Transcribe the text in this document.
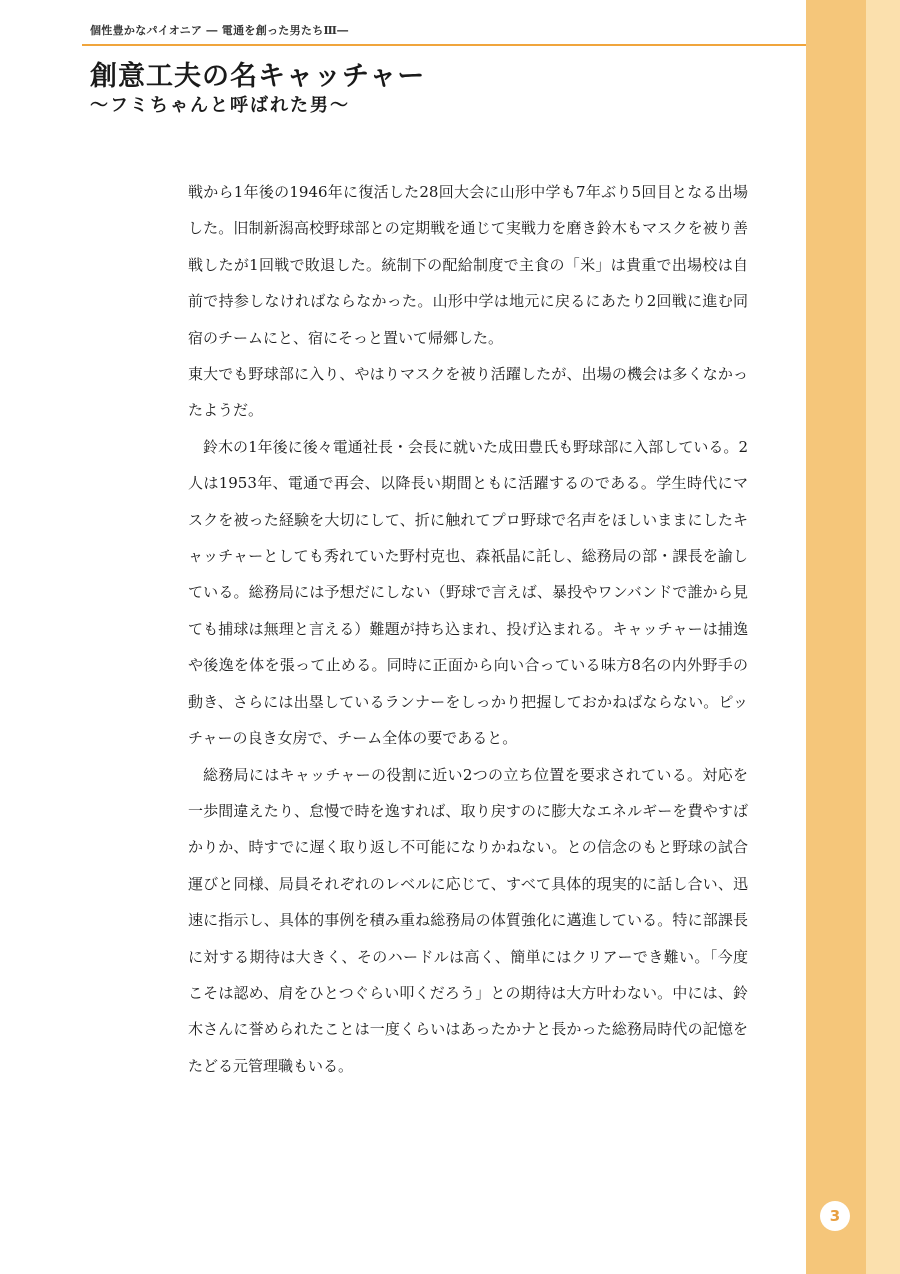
個性豊かなパイオニア ― 電通を創った男たちⅢ―
創意工夫の名キャッチャー
〜フミちゃんと呼ばれた男〜

戦から1年後の1946年に復活した28回大会に山形中学も7年ぶり5回目となる出場した。旧制新潟高校野球部との定期戦を通じて実戦力を磨き鈴木もマスクを被り善戦したが1回戦で敗退した。統制下の配給制度で主食の「米」は貴重で出場校は自前で持参しなければならなかった。山形中学は地元に戻るにあたり2回戦に進む同宿のチームにと、宿にそっと置いて帰郷した。

東大でも野球部に入り、やはりマスクを被り活躍したが、出場の機会は多くなかったようだ。

鈴木の1年後に後々電通社長・会長に就いた成田豊氏も野球部に入部している。2人は1953年、電通で再会、以降長い期間ともに活躍するのである。学生時代にマスクを被った経験を大切にして、折に触れてプロ野球で名声をほしいままにしたキャッチャーとしても秀れていた野村克也、森祇晶に託し、総務局の部・課長を諭している。総務局には予想だにしない（野球で言えば、暴投やワンバンドで誰から見ても捕球は無理と言える）難題が持ち込まれ、投げ込まれる。キャッチャーは捕逸や後逸を体を張って止める。同時に正面から向い合っている味方8名の内外野手の動き、さらには出塁しているランナーをしっかり把握しておかねばならない。ピッチャーの良き女房で、チーム全体の要であると。

総務局にはキャッチャーの役割に近い2つの立ち位置を要求されている。対応を一歩間違えたり、怠慢で時を逸すれば、取り戻すのに膨大なエネルギーを費やすばかりか、時すでに遅く取り返し不可能になりかねない。との信念のもと野球の試合運びと同様、局員それぞれのレベルに応じて、すべて具体的現実的に話し合い、迅速に指示し、具体的事例を積み重ね総務局の体質強化に邁進している。特に部課長に対する期待は大きく、そのハードルは高く、簡単にはクリアーでき難い。「今度こそは認め、肩をひとつぐらい叩くだろう」との期待は大方叶わない。中には、鈴木さんに誉められたことは一度くらいはあったかナと長かった総務局時代の記憶をたどる元管理職もいる。

3
